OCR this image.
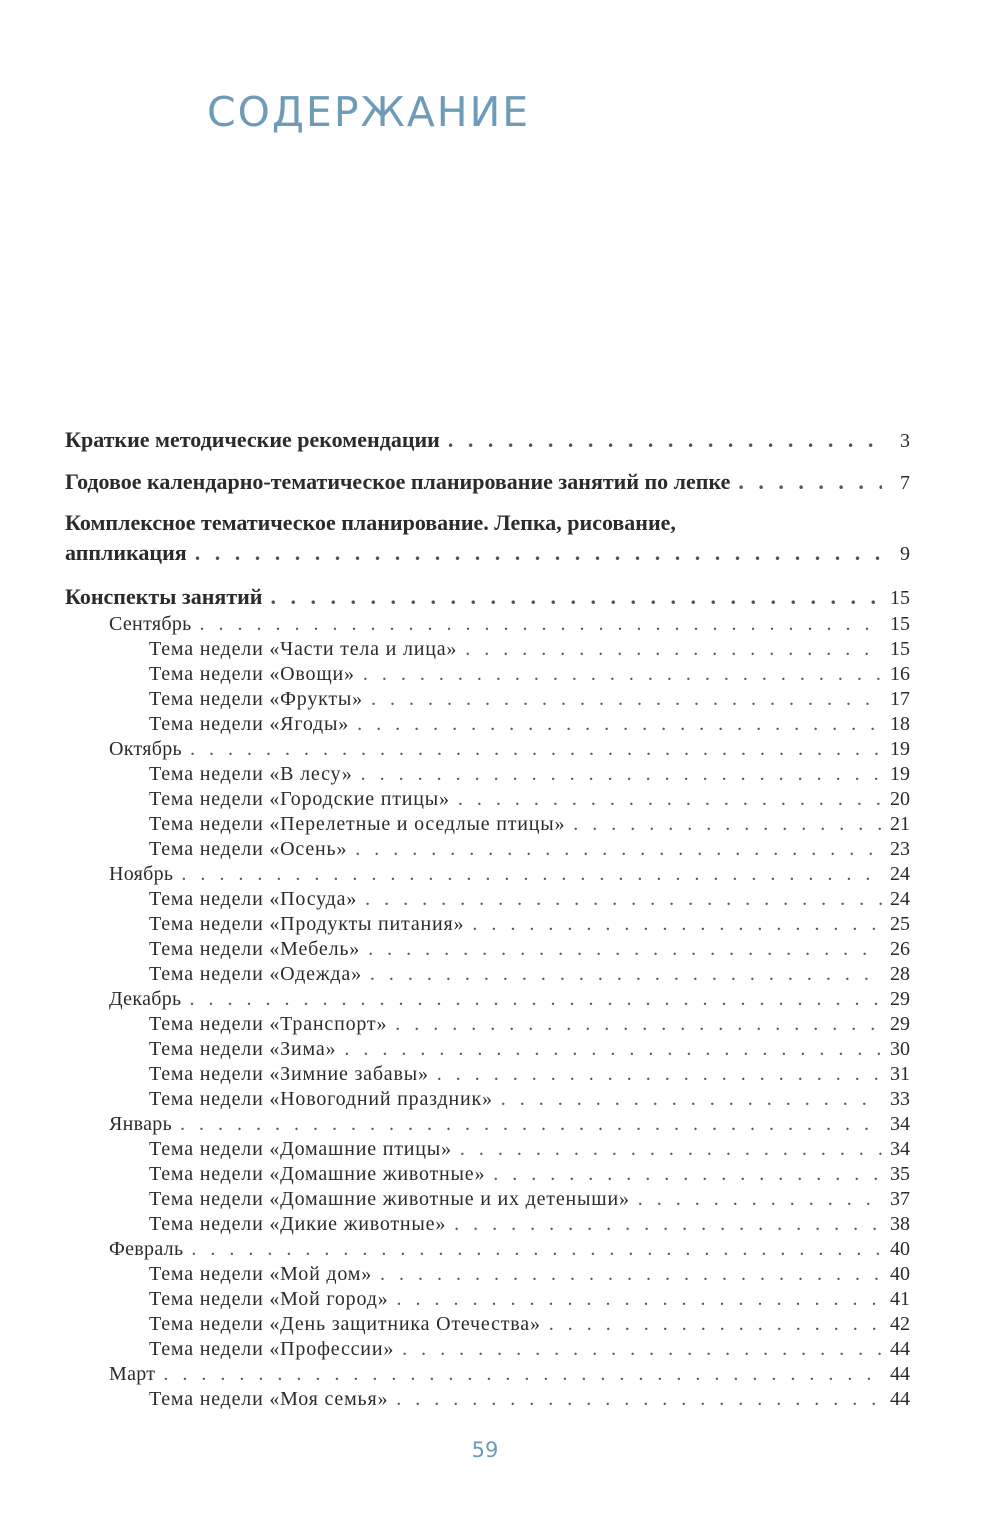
СОДЕРЖАНИЕ
Краткие методические рекомендации . . .	3
Годовое календарно-тематическое планирование занятий по лепке . . .	7
Комплексное тематическое планирование. Лепка, рисование,
аппликация . . .	9
Конспекты занятий . . .	15
Сентябрь . . .	15
Тема недели «Части тела и лица» . . .	15
Тема недели «Овощи» . . .	16
Тема недели «Фрукты» . . .	17
Тема недели «Ягоды» . . .	18
Октябрь . . .	19
Тема недели «В лесу» . . .	19
Тема недели «Городские птицы» . . .	20
Тема недели «Перелетные и оседлые птицы» . . .	21
Тема недели «Осень» . . .	23
Ноябрь . . .	24
Тема недели «Посуда» . . .	24
Тема недели «Продукты питания» . . .	25
Тема недели «Мебель» . . .	26
Тема недели «Одежда» . . .	28
Декабрь . . .	29
Тема недели «Транспорт» . . .	29
Тема недели «Зима» . . .	30
Тема недели «Зимние забавы» . . .	31
Тема недели «Новогодний праздник» . . .	33
Январь . . .	34
Тема недели «Домашние птицы» . . .	34
Тема недели «Домашние животные» . . .	35
Тема недели «Домашние животные и их детеныши» . . .	37
Тема недели «Дикие животные» . . .	38
Февраль . . .	40
Тема недели «Мой дом» . . .	40
Тема недели «Мой город» . . .	41
Тема недели «День защитника Отечества» . . .	42
Тема недели «Профессии» . . .	44
Март . . .	44
Тема недели «Моя семья» . . .	44
59
